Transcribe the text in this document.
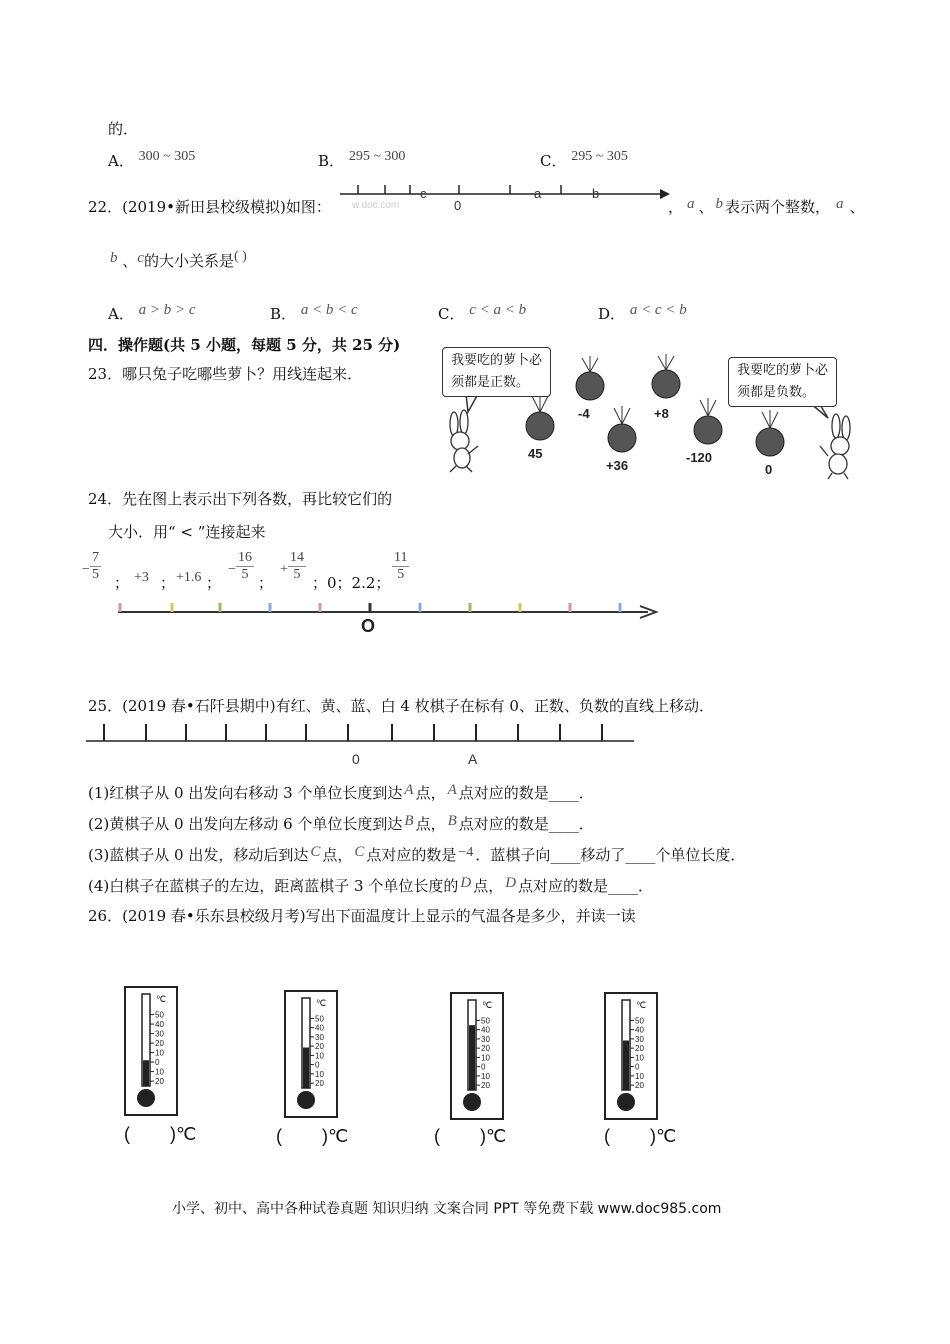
的．
A． 300 ~ 305	B． 295 ~ 300	C． 295 ~ 305
22．(2019•新田县校级模拟)如图：
c
0
a	b
w.doc.com	， a 、 b 表示两个整数， a 、
b 、c的大小关系是( )
A． a > b > c	B． a < b < c	C． c < a < b	D． a < c < b
四．操作题(共 5 小题，每题 5 分，共 25 分)
23．哪只兔子吃哪些萝卜？用线连起来．
45
-4
+36
+8
-120
0
我要吃的萝卜必
须都是正数。
我要吃的萝卜必
须都是负数。
24．先在图上表示出下列各数，再比较它们的
大小．用“ < ”连接起来
−
7
5 ； +3 ； +1.6 ；
−
16
5 ；
+
14
5 ；0；2.2； $\frac{11}{5}$
O
25．(2019 春•石阡县期中)有红、黄、蓝、白 4 枚棋子在标有 0、正数、负数的直线上移动．
0	A
(1)红棋子从 0 出发向右移动 3 个单位长度到达 A 点， A 点对应的数是____．
(2)黄棋子从 0 出发向左移动 6 个单位长度到达 B 点， B 点对应的数是____．
(3)蓝棋子从 0 出发，移动后到达 C 点， C 点对应的数是 −4 ．蓝棋子向____移动了____个单位长度．
(4)白棋子在蓝棋子的左边，距离蓝棋子 3 个单位长度的 D 点， D 点对应的数是____．
26．(2019 春•乐东县校级月考)写出下面温度计上显示的气温各是多少，并读一读
℃
50
40
30
20
10
0
10
20
( )℃
℃
50
40
30
20
10
0
10
20
( )℃
℃
50
40
30
20
10
0
10
20
( )℃
℃
50
40
30
20
10
0
10
20
( )℃
小学、初中、高中各种试卷真题 知识归纳 文案合同 PPT 等免费下载 www.doc985.com
